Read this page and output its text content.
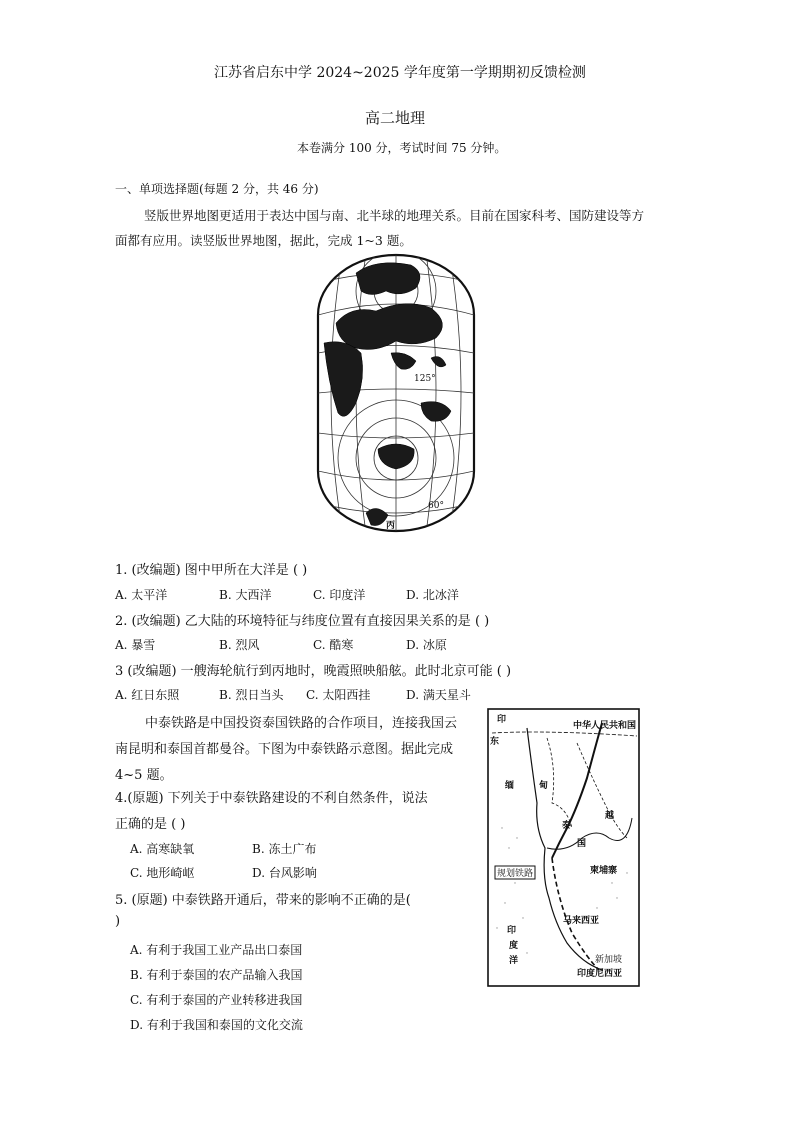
江苏省启东中学 2024~2025 学年度第一学期期初反馈检测
高二地理
本卷满分 100 分，考试时间 75 分钟。
一、单项选择题(每题 2 分，共 46 分)
竖版世界地图更适用于表达中国与南、北半球的地理关系。目前在国家科考、国防建设等方
面都有应用。读竖版世界地图，据此，完成 1~3 题。
125°
丙
60°
1. (改编题) 图中甲所在大洋是 ( )
A. 太平洋	B. 大西洋	C. 印度洋	D. 北冰洋
2. (改编题) 乙大陆的环境特征与纬度位置有直接因果关系的是 ( )
A. 暴雪	B. 烈风	C. 酷寒	D. 冰原
3 (改编题) 一艘海轮航行到丙地时，晚霞照映船舷。此时北京可能 ( )
A. 红日东照	B. 烈日当头 C. 太阳西挂	D. 满天星斗
中泰铁路是中国投资泰国铁路的合作项目，连接我国云
南昆明和泰国首都曼谷。下图为中泰铁路示意图。据此完成
4~5 题。
4.(原题) 下列关于中泰铁路建设的不利自然条件，说法
正确的是 ( )
A. 高寒缺氧	B. 冻土广布
C. 地形崎岖	D. 台风影响
5. (原题) 中泰铁路开通后，带来的影响不正确的是(
)
A. 有利于我国工业产品出口泰国
B. 有利于泰国的农产品输入我国
C. 有利于泰国的产业转移进我国
D. 有利于我国和泰国的文化交流
东
中华人民共和国
印
缅	甸
泰
国
越
柬埔寨
规划铁路
马来西亚
印
度
洋
印度尼西亚
新加坡
